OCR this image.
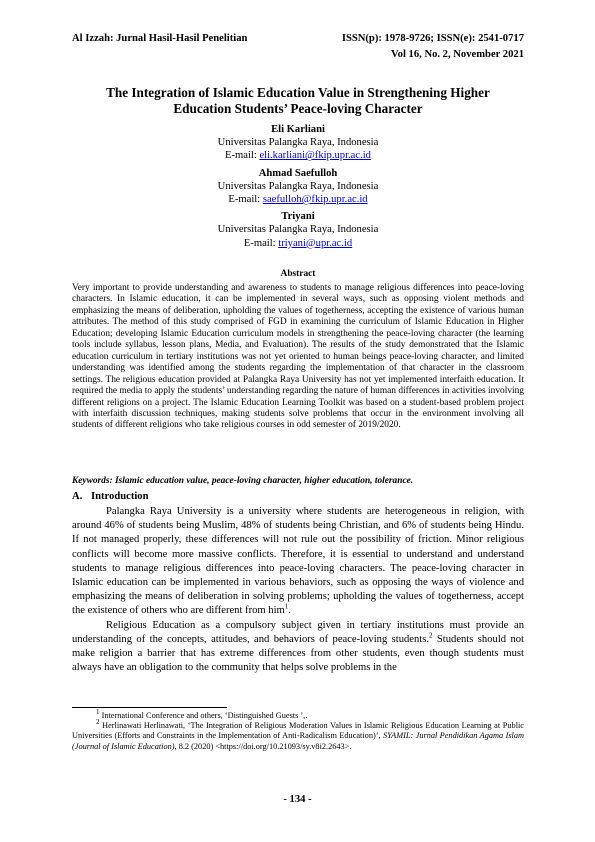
Al Izzah: Jurnal Hasil-Hasil Penelitian	ISSN(p): 1978-9726; ISSN(e): 2541-0717
Vol 16, No. 2, November 2021
The Integration of Islamic Education Value in Strengthening Higher
Education Students’ Peace-loving Character
Eli Karliani
Universitas Palangka Raya, Indonesia
E-mail: eli.karliani@fkip.upr.ac.id
Ahmad Saefulloh
Universitas Palangka Raya, Indonesia
E-mail: saefulloh@fkip.upr.ac.id
Triyani
Universitas Palangka Raya, Indonesia
E-mail: triyani@upr.ac.id
Abstract
Very important to provide understanding and awareness to students to manage religious differences into peace-loving characters. In Islamic education, it can be implemented in several ways, such as opposing violent methods and emphasizing the means of deliberation, upholding the values of togetherness, accepting the existence of various human attributes. The method of this study comprised of FGD in examining the curriculum of Islamic Education in Higher Education; developing Islamic Education curriculum models in strengthening the peace-loving character (the learning tools include syllabus, lesson plans, Media, and Evaluation). The results of the study demonstrated that the Islamic education curriculum in tertiary institutions was not yet oriented to human beings peace-loving character, and limited understanding was identified among the students regarding the implementation of that character in the classroom settings. The religious education provided at Palangka Raya University has not yet implemented interfaith education. It required the media to apply the students’ understanding regarding the nature of human differences in activities involving different religions on a project. The Islamic Education Learning Toolkit was based on a student-based problem project with interfaith discussion techniques, making students solve problems that occur in the environment involving all students of different religions who take religious courses in odd semester of 2019/2020.
Keywords: Islamic education value, peace-loving character, higher education, tolerance.
A. Introduction

Palangka Raya University is a university where students are heterogeneous in religion, with around 46% of students being Muslim, 48% of students being Christian, and 6% of students being Hindu. If not managed properly, these differences will not rule out the possibility of friction. Minor religious conflicts will become more massive conflicts. Therefore, it is essential to understand and understand students to manage religious differences into peace-loving characters. The peace-loving character in Islamic education can be implemented in various behaviors, such as opposing the ways of violence and emphasizing the means of deliberation in solving problems; upholding the values of togetherness, accept the existence of others who are different from him$^1$.

Religious Education as a compulsory subject given in tertiary institutions must provide an understanding of the concepts, attitudes, and behaviors of peace-loving students.$^2$ Students should not make religion a barrier that has extreme differences from other students, even though students must always have an obligation to the community that helps solve problems in the

$^1$ International Conference and others, ‘Distinguished Guests ’,.

$^2$ Herlinawati Herlinawati, ‘The Integration of Religious Moderation Values in Islamic Religious Education Learning at Public Universities (Efforts and Constraints in the Implementation of Anti-Radicalism Education)’, SYAMIL: Jurnal Pendidikan Agama Islam (Journal of Islamic Education), 8.2 (2020) <https://doi.org/10.21093/sy.v8i2.2643>.

- 134 -
